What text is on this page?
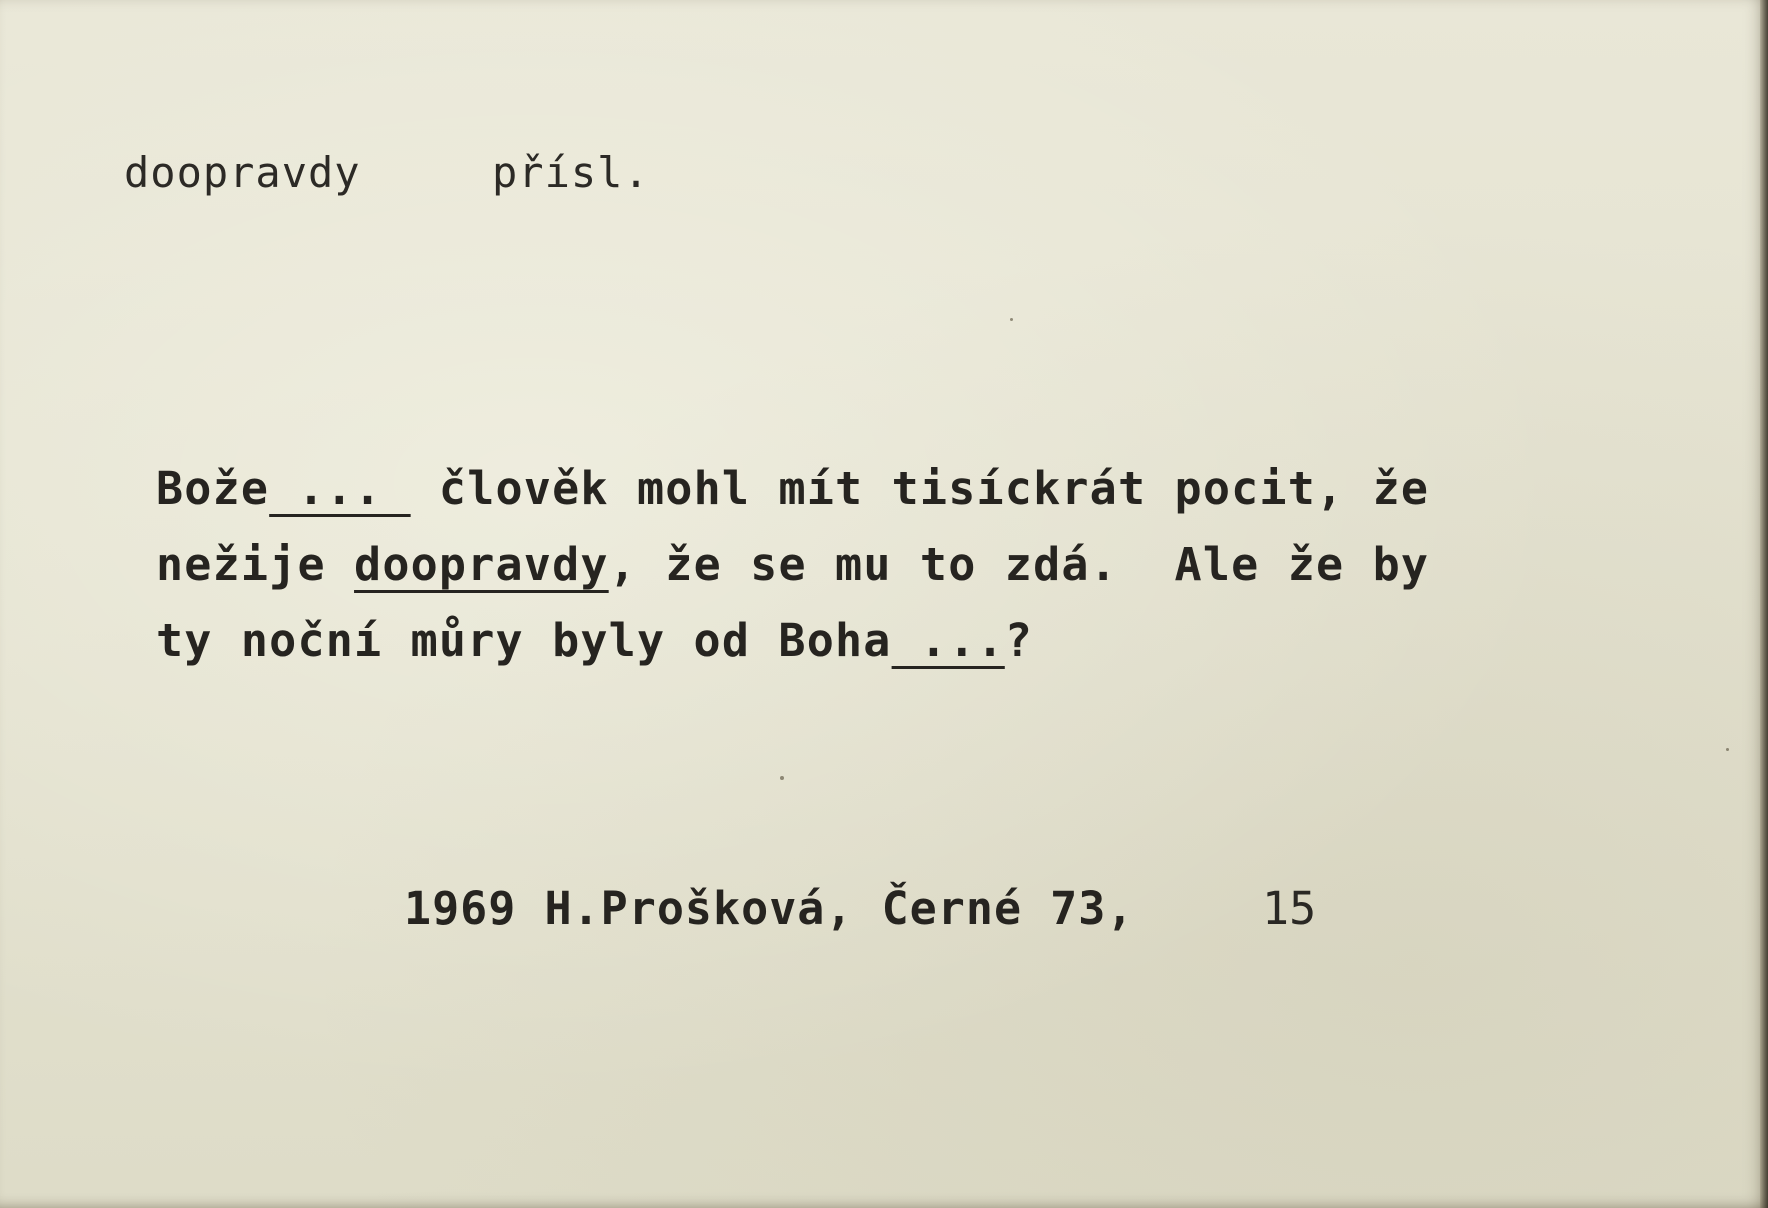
doopravdy	přísl.
Bože ...  člověk mohl mít tisíckrát pocit, že
nežije doopravdy, že se mu to zdá.  Ale že by
ty noční můry byly od Boha ...?
1969 H.Prošková, Černé 73,	15
